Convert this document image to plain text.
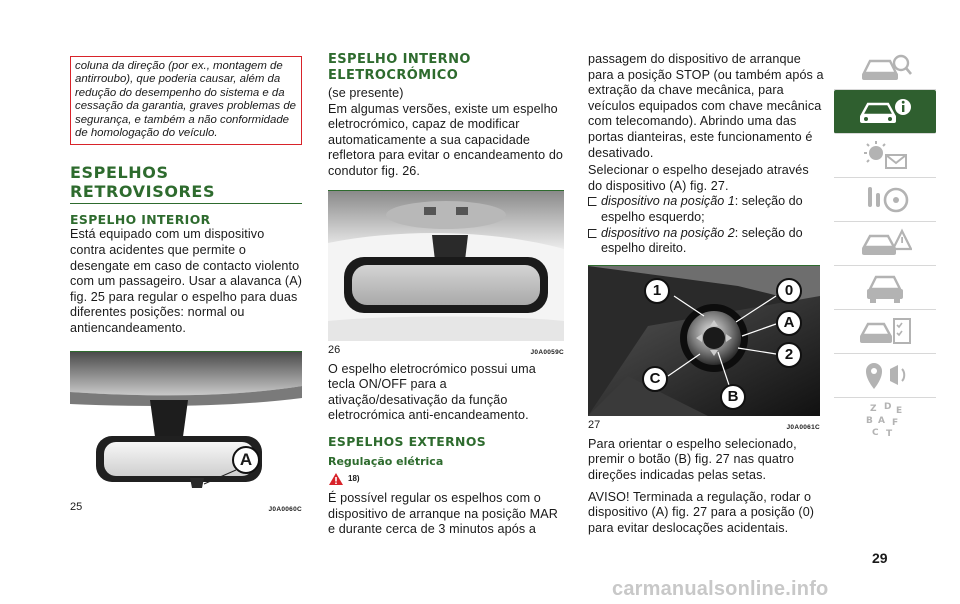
coluna da direção (por ex., montagem de antirroubo), que poderia causar, além da redução do desempenho do sistema e da cessação da garantia, graves problemas de segurança, e também a não conformidade de homologação do veículo.

ESPELHOS RETROVISORES
ESPELHO INTERIOR

Está equipado com um dispositivo contra acidentes que permite o desengate em caso de contacto violento com um passageiro. Usar a alavanca (A) fig. 25 para regular o espelho para duas diferentes posições: normal ou antiencandeamento.

A
25	J0A0060C
ESPELHO INTERNO ELETROCRÓMICO

(se presente)

Em algumas versões, existe um espelho eletrocrómico, capaz de modificar automaticamente a sua capacidade refletora para evitar o encandeamento do condutor fig. 26.

26	J0A0059C

O espelho eletrocrómico possui uma tecla ON/OFF para a ativação/desativação da função eletrocrómica anti-encandeamento.

ESPELHOS EXTERNOS
Regulação elétrica
18)

É possível regular os espelhos com o dispositivo de arranque na posição MAR e durante cerca de 3 minutos após a

passagem do dispositivo de arranque para a posição STOP (ou também após a extração da chave mecânica, para veículos equipados com chave mecânica com telecomando). Abrindo uma das portas dianteiras, este funcionamento é desativado.

Selecionar o espelho desejado através do dispositivo (A) fig. 27.

dispositivo na posição 1: seleção do espelho esquerdo;
dispositivo na posição 2: seleção do espelho direito.
1	0
A
2
C
B
27	J0A0061C

Para orientar o espelho selecionado, premir o botão (B) fig. 27 nas quatro direções indicadas pelas setas.

AVISO! Terminada a regulação, rodar o dispositivo (A) fig. 27 para a posição (0) para evitar deslocações acidentais.

Z D E
B A F
C T
29
carmanualsonline.info
